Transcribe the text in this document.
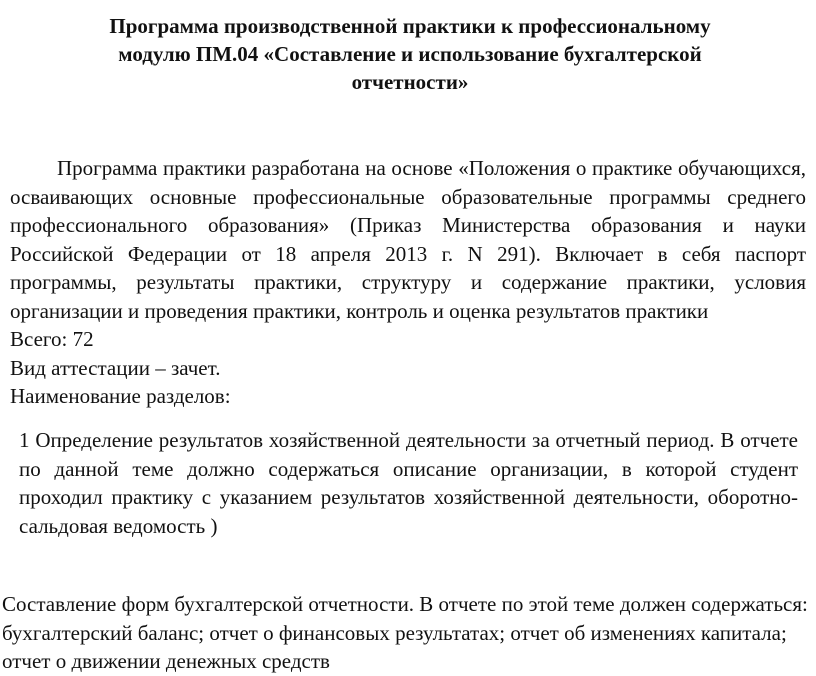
Программа производственной практики к профессиональному
модулю ПМ.04 «Составление и использование бухгалтерской
отчетности»

Программа практики разработана на основе «Положения о практике обучающихся, осваивающих основные профессиональные образовательные программы среднего профессионального образования» (Приказ Министерства образования и науки Российской Федерации от 18 апреля 2013 г. N 291). Включает в себя паспорт программы, результаты практики, структуру и содержание практики, условия организации и проведения практики, контроль и оценка результатов практики

Всего: 72

Вид аттестации – зачет.

Наименование разделов:

1 Определение результатов хозяйственной деятельности за отчетный период. В отчете по данной теме должно содержаться описание организации, в которой студент проходил практику с указанием результатов хозяйственной деятельности, оборотно-сальдовая ведомость )

Составление форм бухгалтерской отчетности. В отчете по этой теме должен содержаться: бухгалтерский баланс; отчет о финансовых результатах; отчет об изменениях капитала; отчет о движении денежных средств
